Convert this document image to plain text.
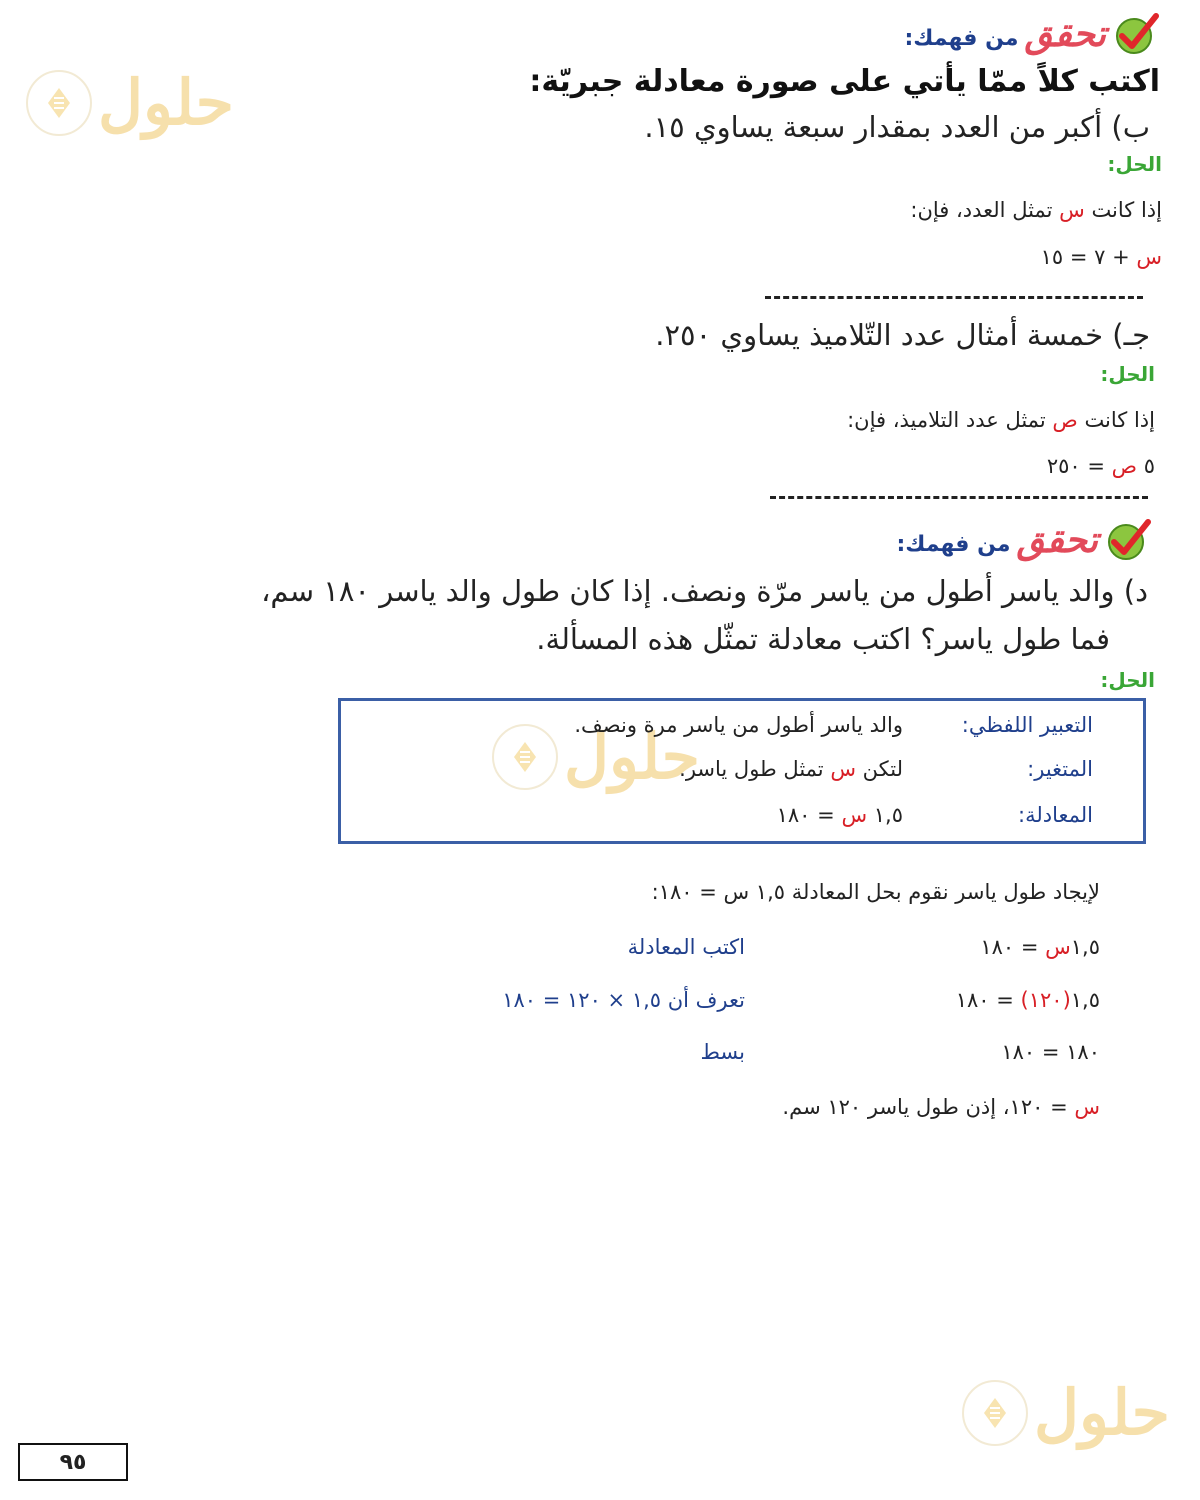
حلول
حلول
حلول
تحقق
من فهمك:
اكتب كلاً ممّا يأتي على صورة معادلة جبريّة:
ب) أكبر من العدد بمقدار سبعة يساوي ١٥.
الحل:
إذا كانت س تمثل العدد، فإن:
س + ٧ = ١٥
جـ) خمسة أمثال عدد التّلاميذ يساوي ٢٥٠.
الحل:
إذا كانت ص تمثل عدد التلاميذ، فإن:
٥ ص = ٢٥٠
تحقق
من فهمك:
د) والد ياسر أطول من ياسر مرّة ونصف. إذا كان طول والد ياسر ١٨٠ سم،
فما طول ياسر؟ اكتب معادلة تمثّل هذه المسألة.
الحل:
التعبير اللفظي:
والد ياسر أطول من ياسر مرة ونصف.
المتغير:
لتكن س تمثل طول ياسر.
المعادلة:
١,٥ س = ١٨٠
لإيجاد طول ياسر نقوم بحل المعادلة ١,٥ س = ١٨٠:
١,٥س = ١٨٠
اكتب المعادلة
١,٥(١٢٠) = ١٨٠
تعرف أن ١,٥ × ١٢٠ = ١٨٠
١٨٠ = ١٨٠
بسط
س = ١٢٠، إذن طول ياسر ١٢٠ سم.
٩٥
